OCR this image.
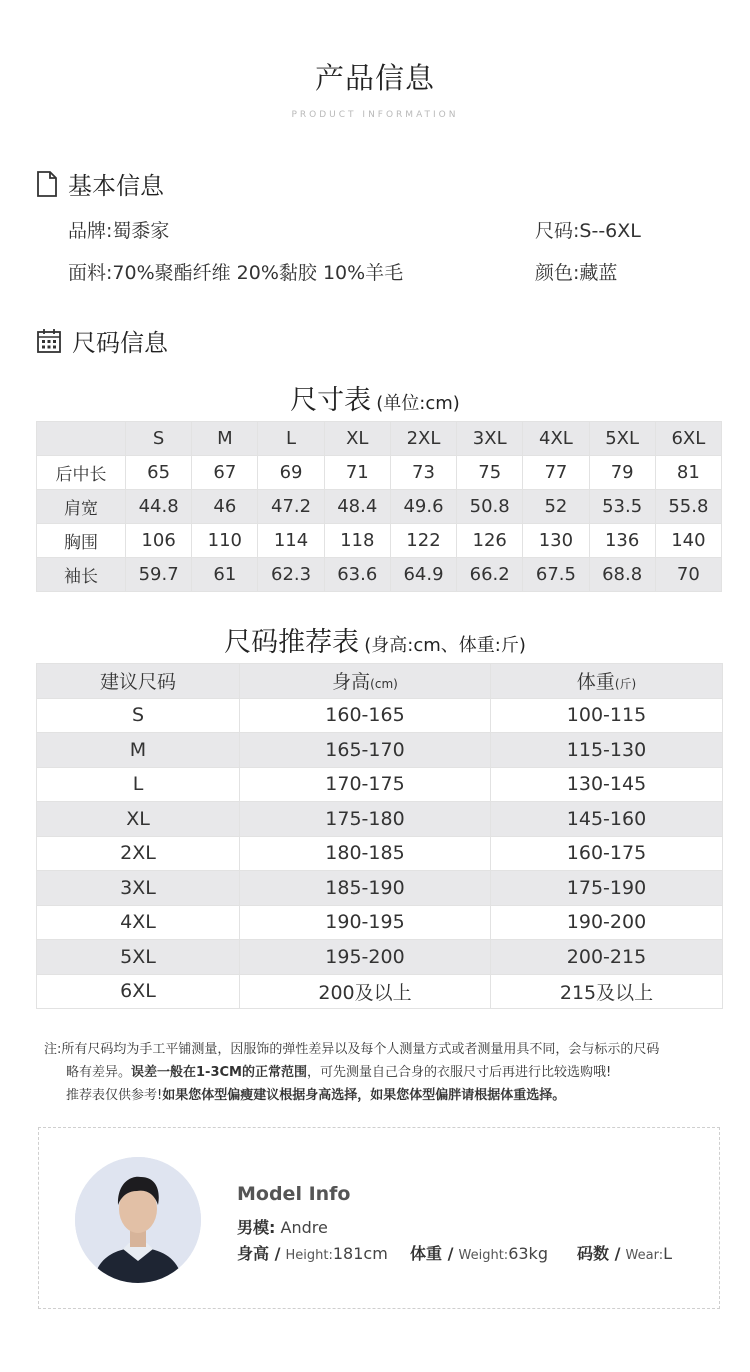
产品信息
PRODUCT INFORMATION
基本信息
品牌:蜀黍家	尺码:S--6XL
面料:70%聚酯纤维 20%黏胶 10%羊毛	颜色:藏蓝
尺码信息
尺寸表 (单位:cm)
	S	M	L	XL	2XL	3XL	4XL	5XL	6XL
后中长	65	67	69	71	73	75	77	79	81
肩宽	44.8	46	47.2	48.4	49.6	50.8	52	53.5	55.8
胸围	106	110	114	118	122	126	130	136	140
袖长	59.7	61	62.3	63.6	64.9	66.2	67.5	68.8	70
尺码推荐表 (身高:cm、体重:斤)
建议尺码	身高(cm)	体重(斤)
S	160-165	100-115
M	165-170	115-130
L	170-175	130-145
XL	175-180	145-160
2XL	180-185	160-175
3XL	185-190	175-190
4XL	190-195	190-200
5XL	195-200	200-215
6XL	200及以上	215及以上
注:所有尺码均为手工平铺测量，因服饰的弹性差异以及每个人测量方式或者测量用具不同，会与标示的尺码
略有差异。误差一般在1-3CM的正常范围，可先测量自己合身的衣服尺寸后再进行比较选购哦!
推荐表仅供参考!如果您体型偏瘦建议根据身高选择，如果您体型偏胖请根据体重选择。
Model Info
男模: Andre
身高 / Height:181cm 体重 / Weight:63kg 码数 / Wear:L
